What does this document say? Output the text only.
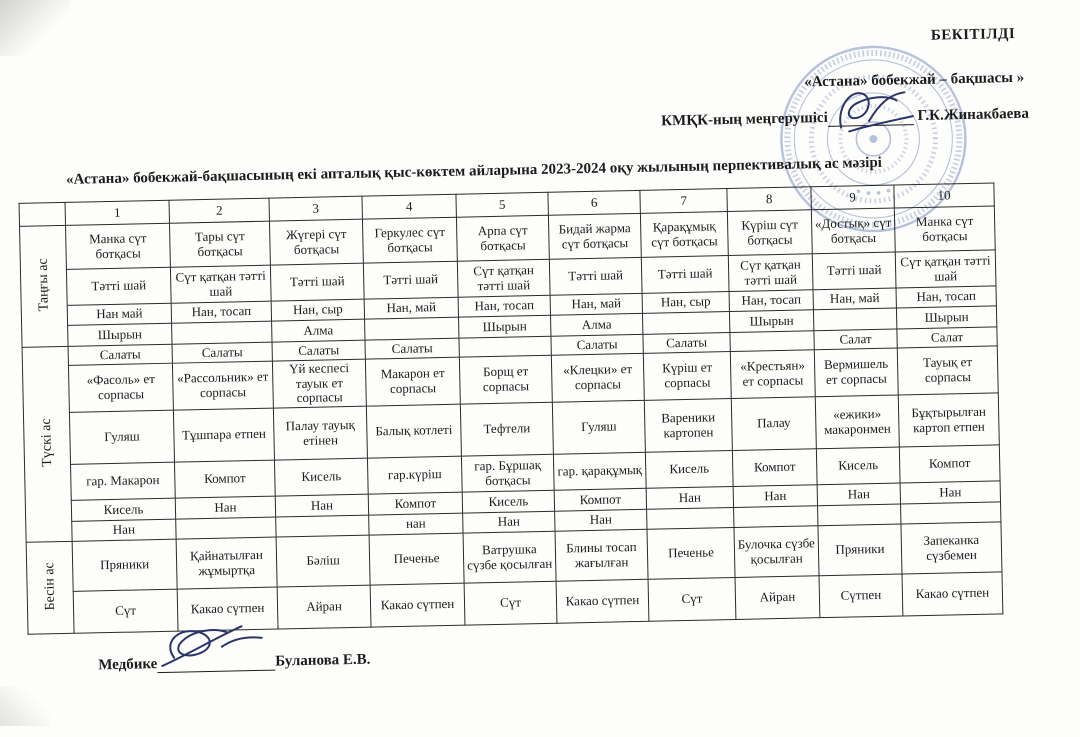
БЕКІТІЛДІ
«Астана» бобекжай – бақшасы »
КМҚК-ның меңгерушісі	Г.К.Жинакбаева
«Астана» бобекжай-бақшасының екі апталық қыс-көктем айларына 2023-2024 оқу жылының перпективалық ас мәзірі
	1	2	3	4	5	6	7	8	9	10
Таңғы ас	Манка сүт ботқасы	Тары сүт ботқасы	Жүгері сүт ботқасы	Геркулес сүт ботқасы	Арпа сүт ботқасы	Бидай жарма сүт ботқасы	Қарақұмық сүт ботқасы	Күріш сүт ботқасы	«Достық» сүт ботқасы	Манка сүт ботқасы
	Тәтті шай	Сүт қатқан тәтті шай	Тәтті шай	Тәтті шай	Сүт қатқан тәтті шай	Тәтті шай	Тәтті шай	Сүт қатқан тәтті шай	Тәтті шай	Сүт қатқан тәтті шай
	Нан май	Нан, тосап	Нан, сыр	Нан, май	Нан, тосап	Нан, май	Нан, сыр	Нан, тосап	Нан, май	Нан, тосап
	Шырын		Алма		Шырын	Алма		Шырын		Шырын
Түскі ас	Салаты	Салаты	Салаты	Салаты		Салаты	Салаты		Салат	Салат
	«Фасоль» ет сорпасы	«Рассольник» ет сорпасы	Үй кеспесі тауык ет сорпасы	Макарон ет сорпасы	Борщ ет сорпасы	«Клецки» ет сорпасы	Күріш ет сорпасы	«Крестьян» ет сорпасы	Вермишель ет сорпасы	Тауық ет сорпасы
	Гуляш	Тұшпара етпен	Палау тауық етінен	Балық котлеті	Тефтели	Гуляш	Вареники картопен	Палау	«ежики» макаронмен	Бұқтырылған картоп етпен
	гар. Макарон	Компот	Кисель	гар.күріш	гар. Бұршақ ботқасы	гар. қарақұмық	Кисель	Компот	Кисель	Компот
	Кисель	Нан	Нан	Компот	Кисель	Компот	Нан	Нан	Нан	Нан
	Нан			нан	Нан	Нан				
Бесін ас	Пряники	Қайнатылған жұмыртқа	Бәліш	Печенье	Ватрушка сүзбе қосылған	Блины тосап жағылған	Печенье	Булочка сүзбе қосылған	Пряники	Запеканка сүзбемен
	Сүт	Какао сүтпен	Айран	Какао сүтпен	Сүт	Какао сүтпен	Сүт	Айран	Сүтпен	Какао сүтпен
Медбике	Буланова Е.В.
